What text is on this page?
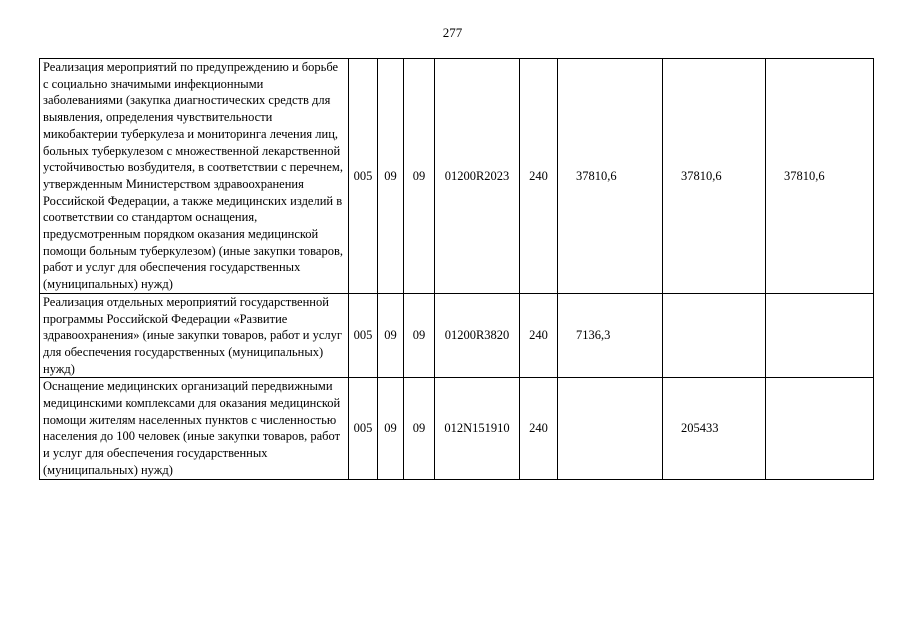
277
Реализация мероприятий по предупреждению и борьбе с социально значимыми инфекционными заболеваниями (закупка диагностических средств для выявления, определения чувствительности микобактерии туберкулеза и мониторинга лечения лиц, больных туберкулезом с множественной лекарственной устойчивостью возбудителя, в соответствии с перечнем, утвержденным Министерством здравоохранения Российской Федерации, а также медицинских изделий в соответствии со стандартом оснащения, предусмотренным порядком оказания медицинской помощи больным туберкулезом) (иные закупки товаров, работ и услуг для обеспечения государственных (муниципальных) нужд)	005	09	09	01200R2023	240	37810,6	37810,6	37810,6
Реализация отдельных мероприятий государственной программы Российской Федерации «Развитие здравоохранения» (иные закупки товаров, работ и услуг для обеспечения государственных (муниципальных) нужд)	005	09	09	01200R3820	240	7136,3		
Оснащение медицинских организаций передвижными медицинскими комплексами для оказания медицинской помощи жителям населенных пунктов с численностью населения до 100 человек (иные закупки товаров, работ и услуг для обеспечения государственных (муниципальных) нужд)	005	09	09	012N151910	240		205433	
